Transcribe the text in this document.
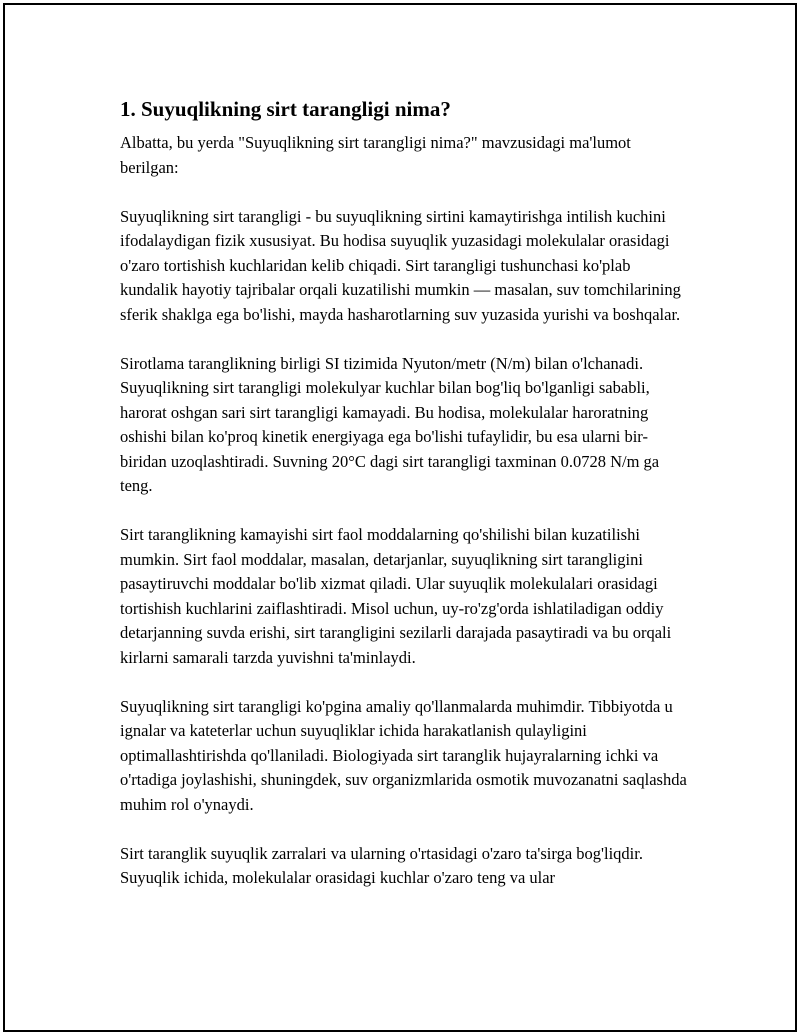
1. Suyuqlikning sirt tarangligi nima?

Albatta, bu yerda "Suyuqlikning sirt tarangligi nima?" mavzusidagi ma'lumot berilgan:

Suyuqlikning sirt tarangligi - bu suyuqlikning sirtini kamaytirishga intilish kuchini ifodalaydigan fizik xususiyat. Bu hodisa suyuqlik yuzasidagi molekulalar orasidagi o'zaro tortishish kuchlaridan kelib chiqadi. Sirt tarangligi tushunchasi ko'plab kundalik hayotiy tajribalar orqali kuzatilishi mumkin — masalan, suv tomchilarining sferik shaklga ega bo'lishi, mayda hasharotlarning suv yuzasida yurishi va boshqalar.

Sirotlama taranglikning birligi SI tizimida Nyuton/metr (N/m) bilan o'lchanadi. Suyuqlikning sirt tarangligi molekulyar kuchlar bilan bog'liq bo'lganligi sababli, harorat oshgan sari sirt tarangligi kamayadi. Bu hodisa, molekulalar haroratning oshishi bilan ko'proq kinetik energiyaga ega bo'lishi tufaylidir, bu esa ularni bir-biridan uzoqlashtiradi. Suvning 20°C dagi sirt tarangligi taxminan 0.0728 N/m ga teng.

Sirt taranglikning kamayishi sirt faol moddalarning qo'shilishi bilan kuzatilishi mumkin. Sirt faol moddalar, masalan, detarjanlar, suyuqlikning sirt tarangligini pasaytiruvchi moddalar bo'lib xizmat qiladi. Ular suyuqlik molekulalari orasidagi tortishish kuchlarini zaiflashtiradi. Misol uchun, uy-ro'zg'orda ishlatiladigan oddiy detarjanning suvda erishi, sirt tarangligini sezilarli darajada pasaytiradi va bu orqali kirlarni samarali tarzda yuvishni ta'minlaydi.

Suyuqlikning sirt tarangligi ko'pgina amaliy qo'llanmalarda muhimdir. Tibbiyotda u ignalar va kateterlar uchun suyuqliklar ichida harakatlanish qulayligini optimallashtirishda qo'llaniladi. Biologiyada sirt taranglik hujayralarning ichki va o'rtadiga joylashishi, shuningdek, suv organizmlarida osmotik muvozanatni saqlashda muhim rol o'ynaydi.

Sirt taranglik suyuqlik zarralari va ularning o'rtasidagi o'zaro ta'sirga bog'liqdir. Suyuqlik ichida, molekulalar orasidagi kuchlar o'zaro teng va ular
